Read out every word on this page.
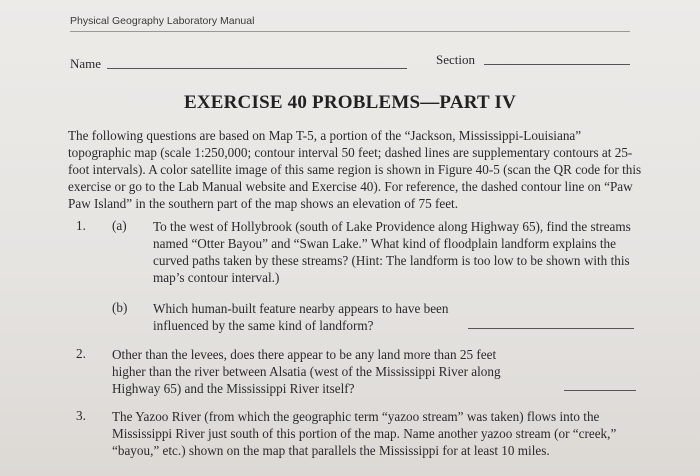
Physical Geography Laboratory Manual
Name	Section
EXERCISE 40 PROBLEMS—PART IV
The following questions are based on Map T-5, a portion of the “Jackson, Mississippi-Louisiana” topographic map (scale 1:250,000; contour interval 50 feet; dashed lines are supplementary contours at 25-foot intervals). A color satellite image of this same region is shown in Figure 40-5 (scan the QR code for this exercise or go to the Lab Manual website and Exercise 40). For reference, the dashed contour line on “Paw Paw Island” in the southern part of the map shows an elevation of 75 feet.
1. (a) To the west of Hollybrook (south of Lake Providence along Highway 65), find the streams named “Otter Bayou” and “Swan Lake.” What kind of floodplain landform explains the curved paths taken by these streams? (Hint: The landform is too low to be shown with this map’s contour interval.)
(b) Which human-built feature nearby appears to have been influenced by the same kind of landform?
2. Other than the levees, does there appear to be any land more than 25 feet higher than the river between Alsatia (west of the Mississippi River along Highway 65) and the Mississippi River itself?
3. The Yazoo River (from which the geographic term “yazoo stream” was taken) flows into the Mississippi River just south of this portion of the map. Name another yazoo stream (or “creek,” “bayou,” etc.) shown on the map that parallels the Mississippi for at least 10 miles.
